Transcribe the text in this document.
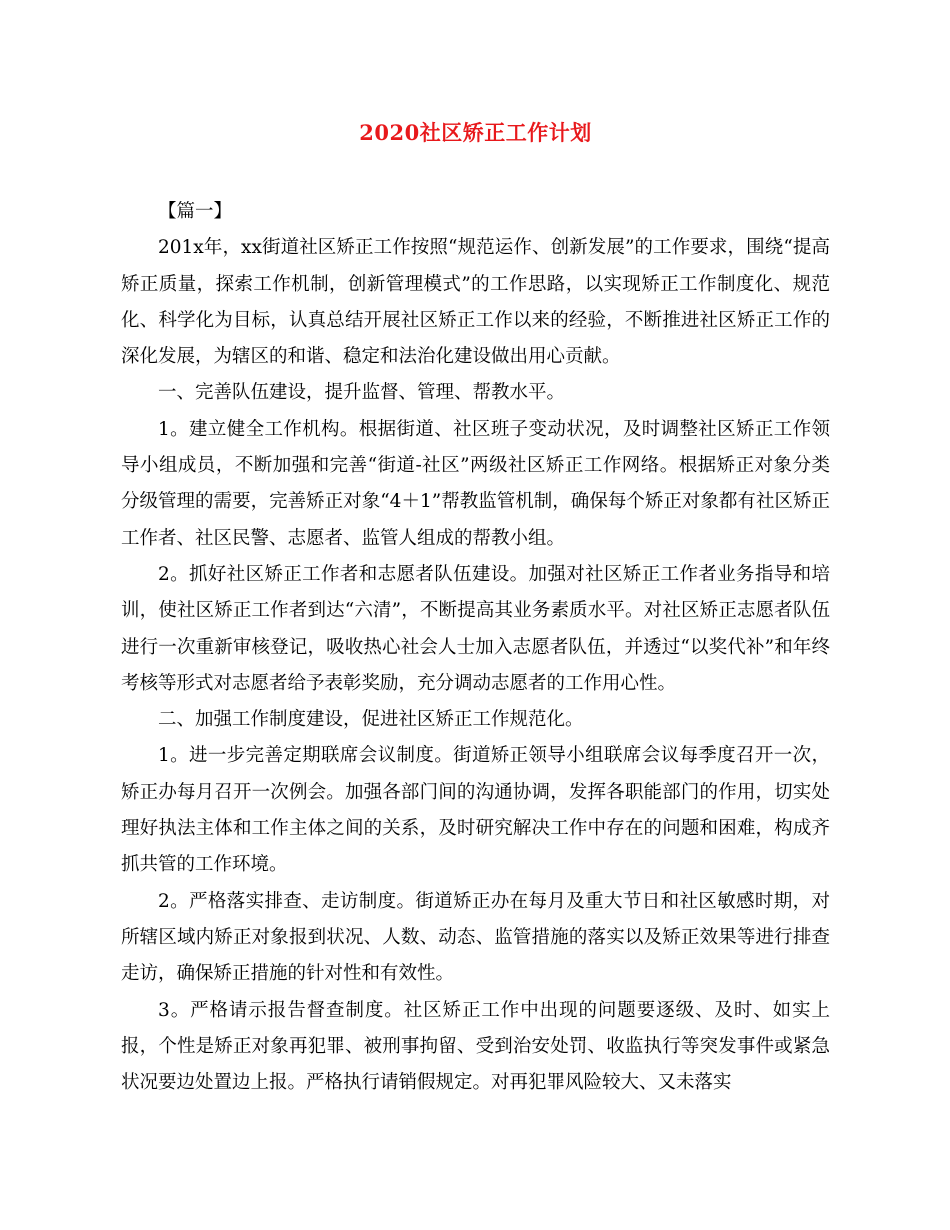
2020社区矫正工作计划

【篇一】

201x年，xx街道社区矫正工作按照“规范运作、创新发展”的工作要求，围绕“提高矫正质量，探索工作机制，创新管理模式”的工作思路，以实现矫正工作制度化、规范化、科学化为目标，认真总结开展社区矫正工作以来的经验，不断推进社区矫正工作的深化发展，为辖区的和谐、稳定和法治化建设做出用心贡献。

一、完善队伍建设，提升监督、管理、帮教水平。

1。建立健全工作机构。根据街道、社区班子变动状况，及时调整社区矫正工作领导小组成员，不断加强和完善“街道-社区”两级社区矫正工作网络。根据矫正对象分类分级管理的需要，完善矫正对象“4＋1”帮教监管机制，确保每个矫正对象都有社区矫正工作者、社区民警、志愿者、监管人组成的帮教小组。

2。抓好社区矫正工作者和志愿者队伍建设。加强对社区矫正工作者业务指导和培训，使社区矫正工作者到达“六清”，不断提高其业务素质水平。对社区矫正志愿者队伍进行一次重新审核登记，吸收热心社会人士加入志愿者队伍，并透过“以奖代补”和年终考核等形式对志愿者给予表彰奖励，充分调动志愿者的工作用心性。

二、加强工作制度建设，促进社区矫正工作规范化。

1。进一步完善定期联席会议制度。街道矫正领导小组联席会议每季度召开一次，矫正办每月召开一次例会。加强各部门间的沟通协调，发挥各职能部门的作用，切实处理好执法主体和工作主体之间的关系，及时研究解决工作中存在的问题和困难，构成齐抓共管的工作环境。

2。严格落实排查、走访制度。街道矫正办在每月及重大节日和社区敏感时期，对所辖区域内矫正对象报到状况、人数、动态、监管措施的落实以及矫正效果等进行排查走访，确保矫正措施的针对性和有效性。

3。严格请示报告督查制度。社区矫正工作中出现的问题要逐级、及时、如实上报，个性是矫正对象再犯罪、被刑事拘留、受到治安处罚、收监执行等突发事件或紧急状况要边处置边上报。严格执行请销假规定。对再犯罪风险较大、又未落实
